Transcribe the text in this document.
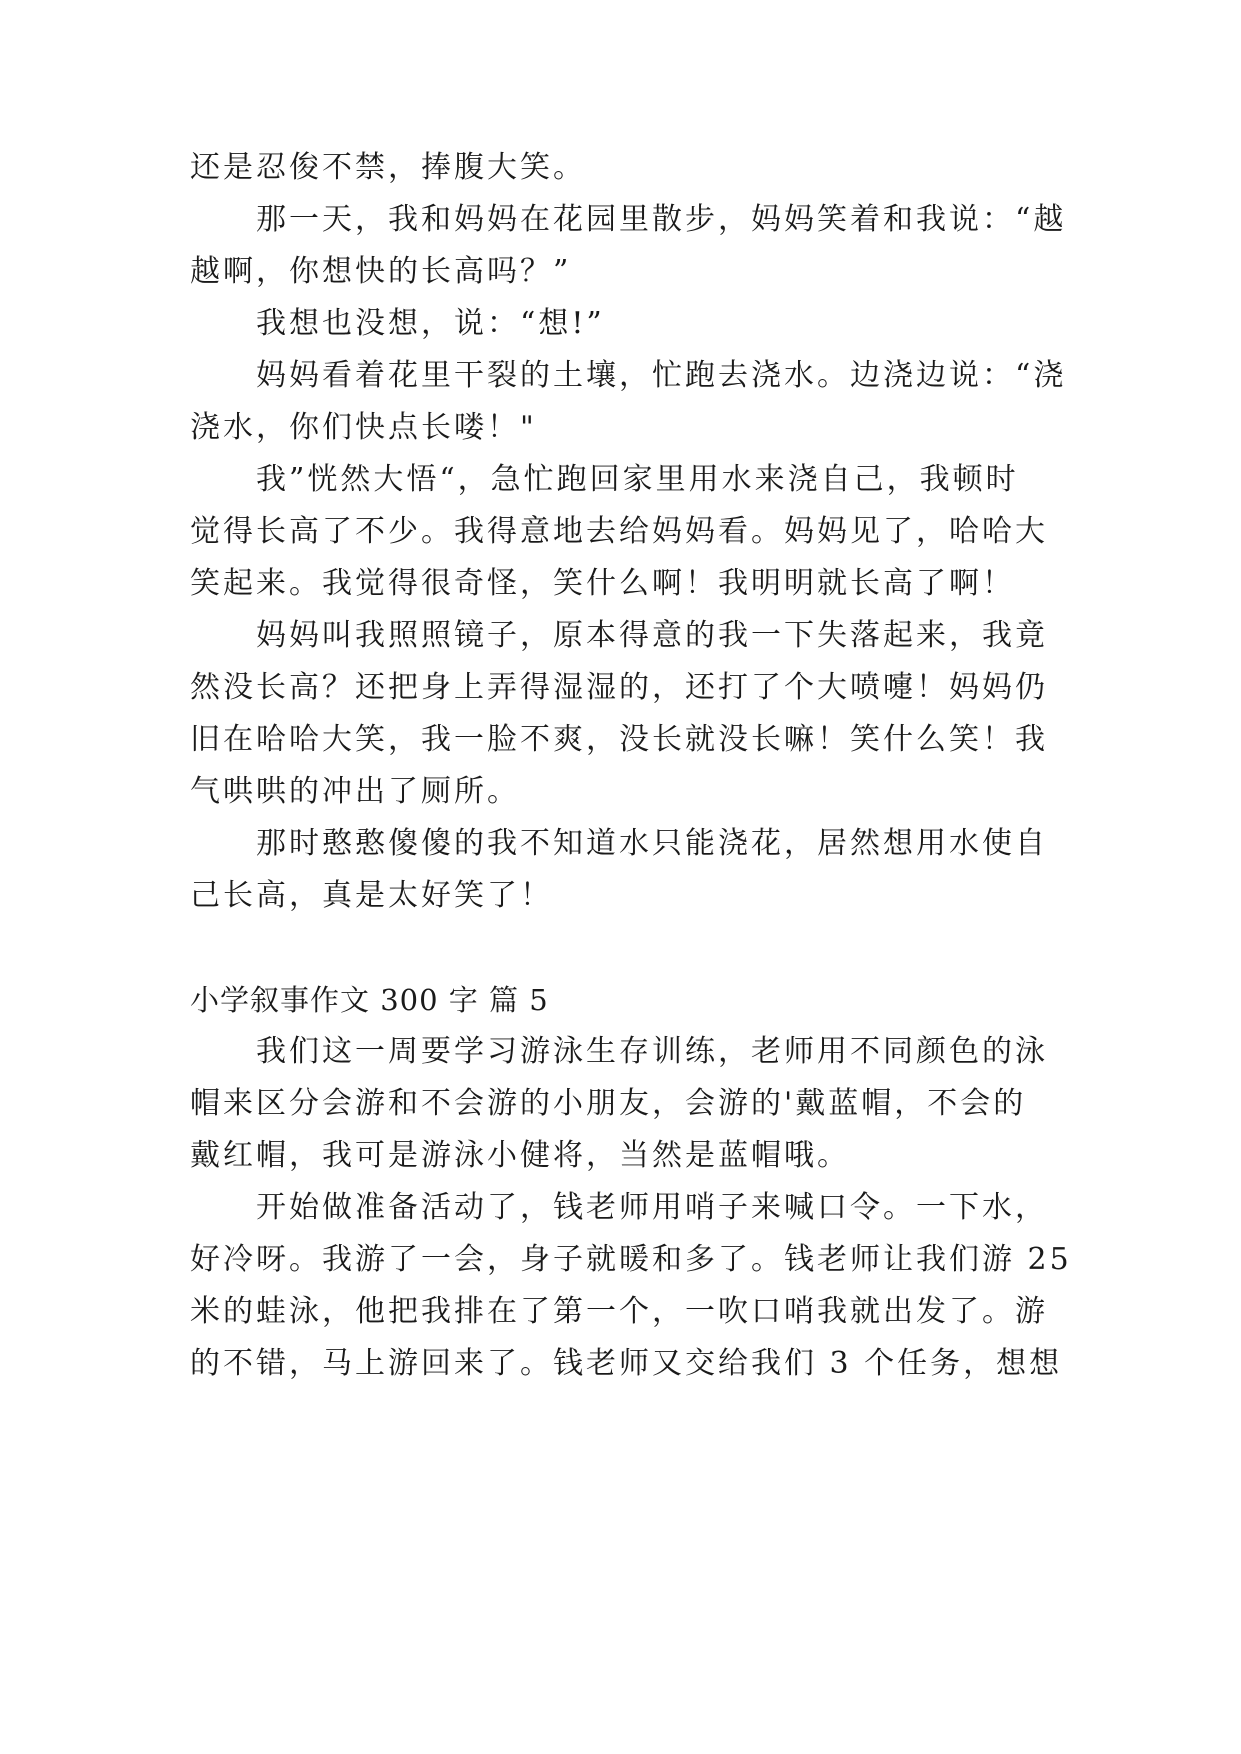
还是忍俊不禁，捧腹大笑。
那一天，我和妈妈在花园里散步，妈妈笑着和我说：“越
越啊，你想快的长高吗？”
我想也没想，说：“想!”
妈妈看着花里干裂的土壤，忙跑去浇水。边浇边说：“浇
浇水，你们快点长喽！"
我”恍然大悟“，急忙跑回家里用水来浇自己，我顿时
觉得长高了不少。我得意地去给妈妈看。妈妈见了，哈哈大
笑起来。我觉得很奇怪，笑什么啊！我明明就长高了啊！
妈妈叫我照照镜子，原本得意的我一下失落起来，我竟
然没长高？还把身上弄得湿湿的，还打了个大喷嚏！妈妈仍
旧在哈哈大笑，我一脸不爽，没长就没长嘛！笑什么笑！我
气哄哄的冲出了厕所。
那时憨憨傻傻的我不知道水只能浇花，居然想用水使自
己长高，真是太好笑了！
小学叙事作文 300 字 篇 5
我们这一周要学习游泳生存训练，老师用不同颜色的泳
帽来区分会游和不会游的小朋友，会游的'戴蓝帽，不会的
戴红帽，我可是游泳小健将，当然是蓝帽哦。
开始做准备活动了，钱老师用哨子来喊口令。一下水，
好冷呀。我游了一会，身子就暖和多了。钱老师让我们游 25
米的蛙泳，他把我排在了第一个，一吹口哨我就出发了。游
的不错，马上游回来了。钱老师又交给我们 3 个任务，想想
